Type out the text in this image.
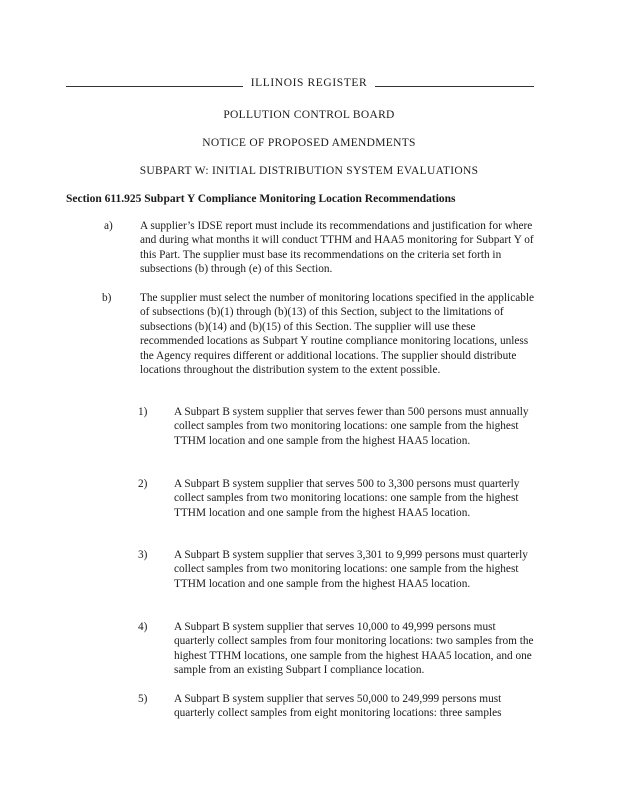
ILLINOIS REGISTER
POLLUTION CONTROL BOARD
NOTICE OF PROPOSED AMENDMENTS
SUBPART W: INITIAL DISTRIBUTION SYSTEM EVALUATIONS
Section 611.925 Subpart Y Compliance Monitoring Location Recommendations
a) A supplier’s IDSE report must include its recommendations and justification for where and during what months it will conduct TTHM and HAA5 monitoring for Subpart Y of this Part. The supplier must base its recommendations on the criteria set forth in subsections (b) through (e) of this Section.
b)	The supplier must select the number of monitoring locations specified in the applicable of subsections (b)(1) through (b)(13) of this Section, subject to the limitations of subsections (b)(14) and (b)(15) of this Section. The supplier will use these recommended locations as Subpart Y routine compliance monitoring locations, unless the Agency requires different or additional locations. The supplier should distribute locations throughout the distribution system to the extent possible.
1) A Subpart B system supplier that serves fewer than 500 persons must annually collect samples from two monitoring locations: one sample from the highest TTHM location and one sample from the highest HAA5 location.
2) A Subpart B system supplier that serves 500 to 3,300 persons must quarterly collect samples from two monitoring locations: one sample from the highest TTHM location and one sample from the highest HAA5 location.
3) A Subpart B system supplier that serves 3,301 to 9,999 persons must quarterly collect samples from two monitoring locations: one sample from the highest TTHM location and one sample from the highest HAA5 location.
4) A Subpart B system supplier that serves 10,000 to 49,999 persons must quarterly collect samples from four monitoring locations: two samples from the highest TTHM locations, one sample from the highest HAA5 location, and one sample from an existing Subpart I compliance location.
5) A Subpart B system supplier that serves 50,000 to 249,999 persons must quarterly collect samples from eight monitoring locations: three samples
